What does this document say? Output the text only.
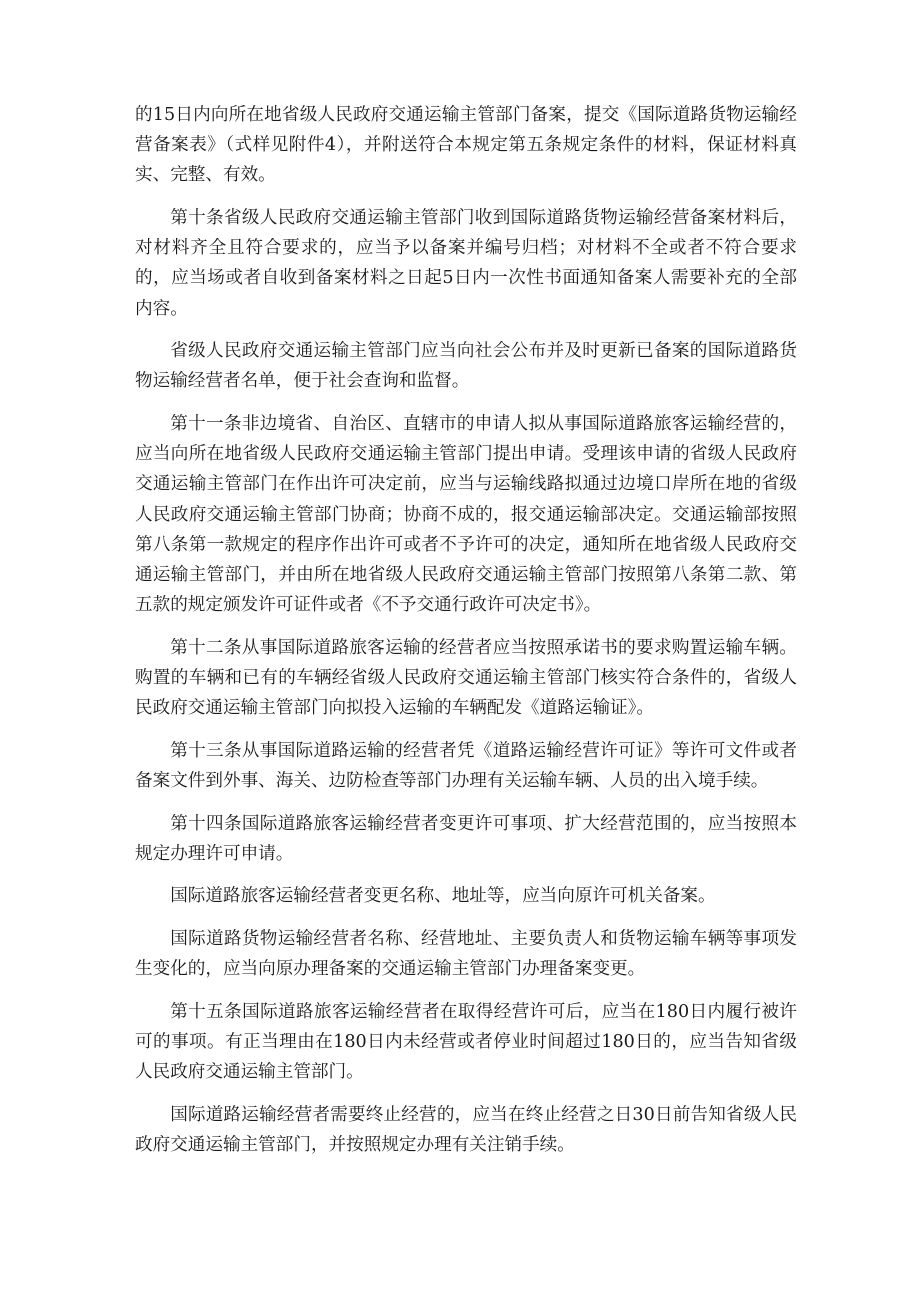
的15日内向所在地省级人民政府交通运输主管部门备案，提交《国际道路货物运输经营备案表》（式样见附件4），并附送符合本规定第五条规定条件的材料，保证材料真实、完整、有效。

第十条省级人民政府交通运输主管部门收到国际道路货物运输经营备案材料后，对材料齐全且符合要求的，应当予以备案并编号归档；对材料不全或者不符合要求的，应当场或者自收到备案材料之日起5日内一次性书面通知备案人需要补充的全部内容。

省级人民政府交通运输主管部门应当向社会公布并及时更新已备案的国际道路货物运输经营者名单，便于社会查询和监督。

第十一条非边境省、自治区、直辖市的申请人拟从事国际道路旅客运输经营的，应当向所在地省级人民政府交通运输主管部门提出申请。受理该申请的省级人民政府交通运输主管部门在作出许可决定前，应当与运输线路拟通过边境口岸所在地的省级人民政府交通运输主管部门协商；协商不成的，报交通运输部决定。交通运输部按照第八条第一款规定的程序作出许可或者不予许可的决定，通知所在地省级人民政府交通运输主管部门，并由所在地省级人民政府交通运输主管部门按照第八条第二款、第五款的规定颁发许可证件或者《不予交通行政许可决定书》。

第十二条从事国际道路旅客运输的经营者应当按照承诺书的要求购置运输车辆。购置的车辆和已有的车辆经省级人民政府交通运输主管部门核实符合条件的，省级人民政府交通运输主管部门向拟投入运输的车辆配发《道路运输证》。

第十三条从事国际道路运输的经营者凭《道路运输经营许可证》等许可文件或者备案文件到外事、海关、边防检查等部门办理有关运输车辆、人员的出入境手续。

第十四条国际道路旅客运输经营者变更许可事项、扩大经营范围的，应当按照本规定办理许可申请。

国际道路旅客运输经营者变更名称、地址等，应当向原许可机关备案。

国际道路货物运输经营者名称、经营地址、主要负责人和货物运输车辆等事项发生变化的，应当向原办理备案的交通运输主管部门办理备案变更。

第十五条国际道路旅客运输经营者在取得经营许可后，应当在180日内履行被许可的事项。有正当理由在180日内未经营或者停业时间超过180日的，应当告知省级人民政府交通运输主管部门。

国际道路运输经营者需要终止经营的，应当在终止经营之日30日前告知省级人民政府交通运输主管部门，并按照规定办理有关注销手续。
